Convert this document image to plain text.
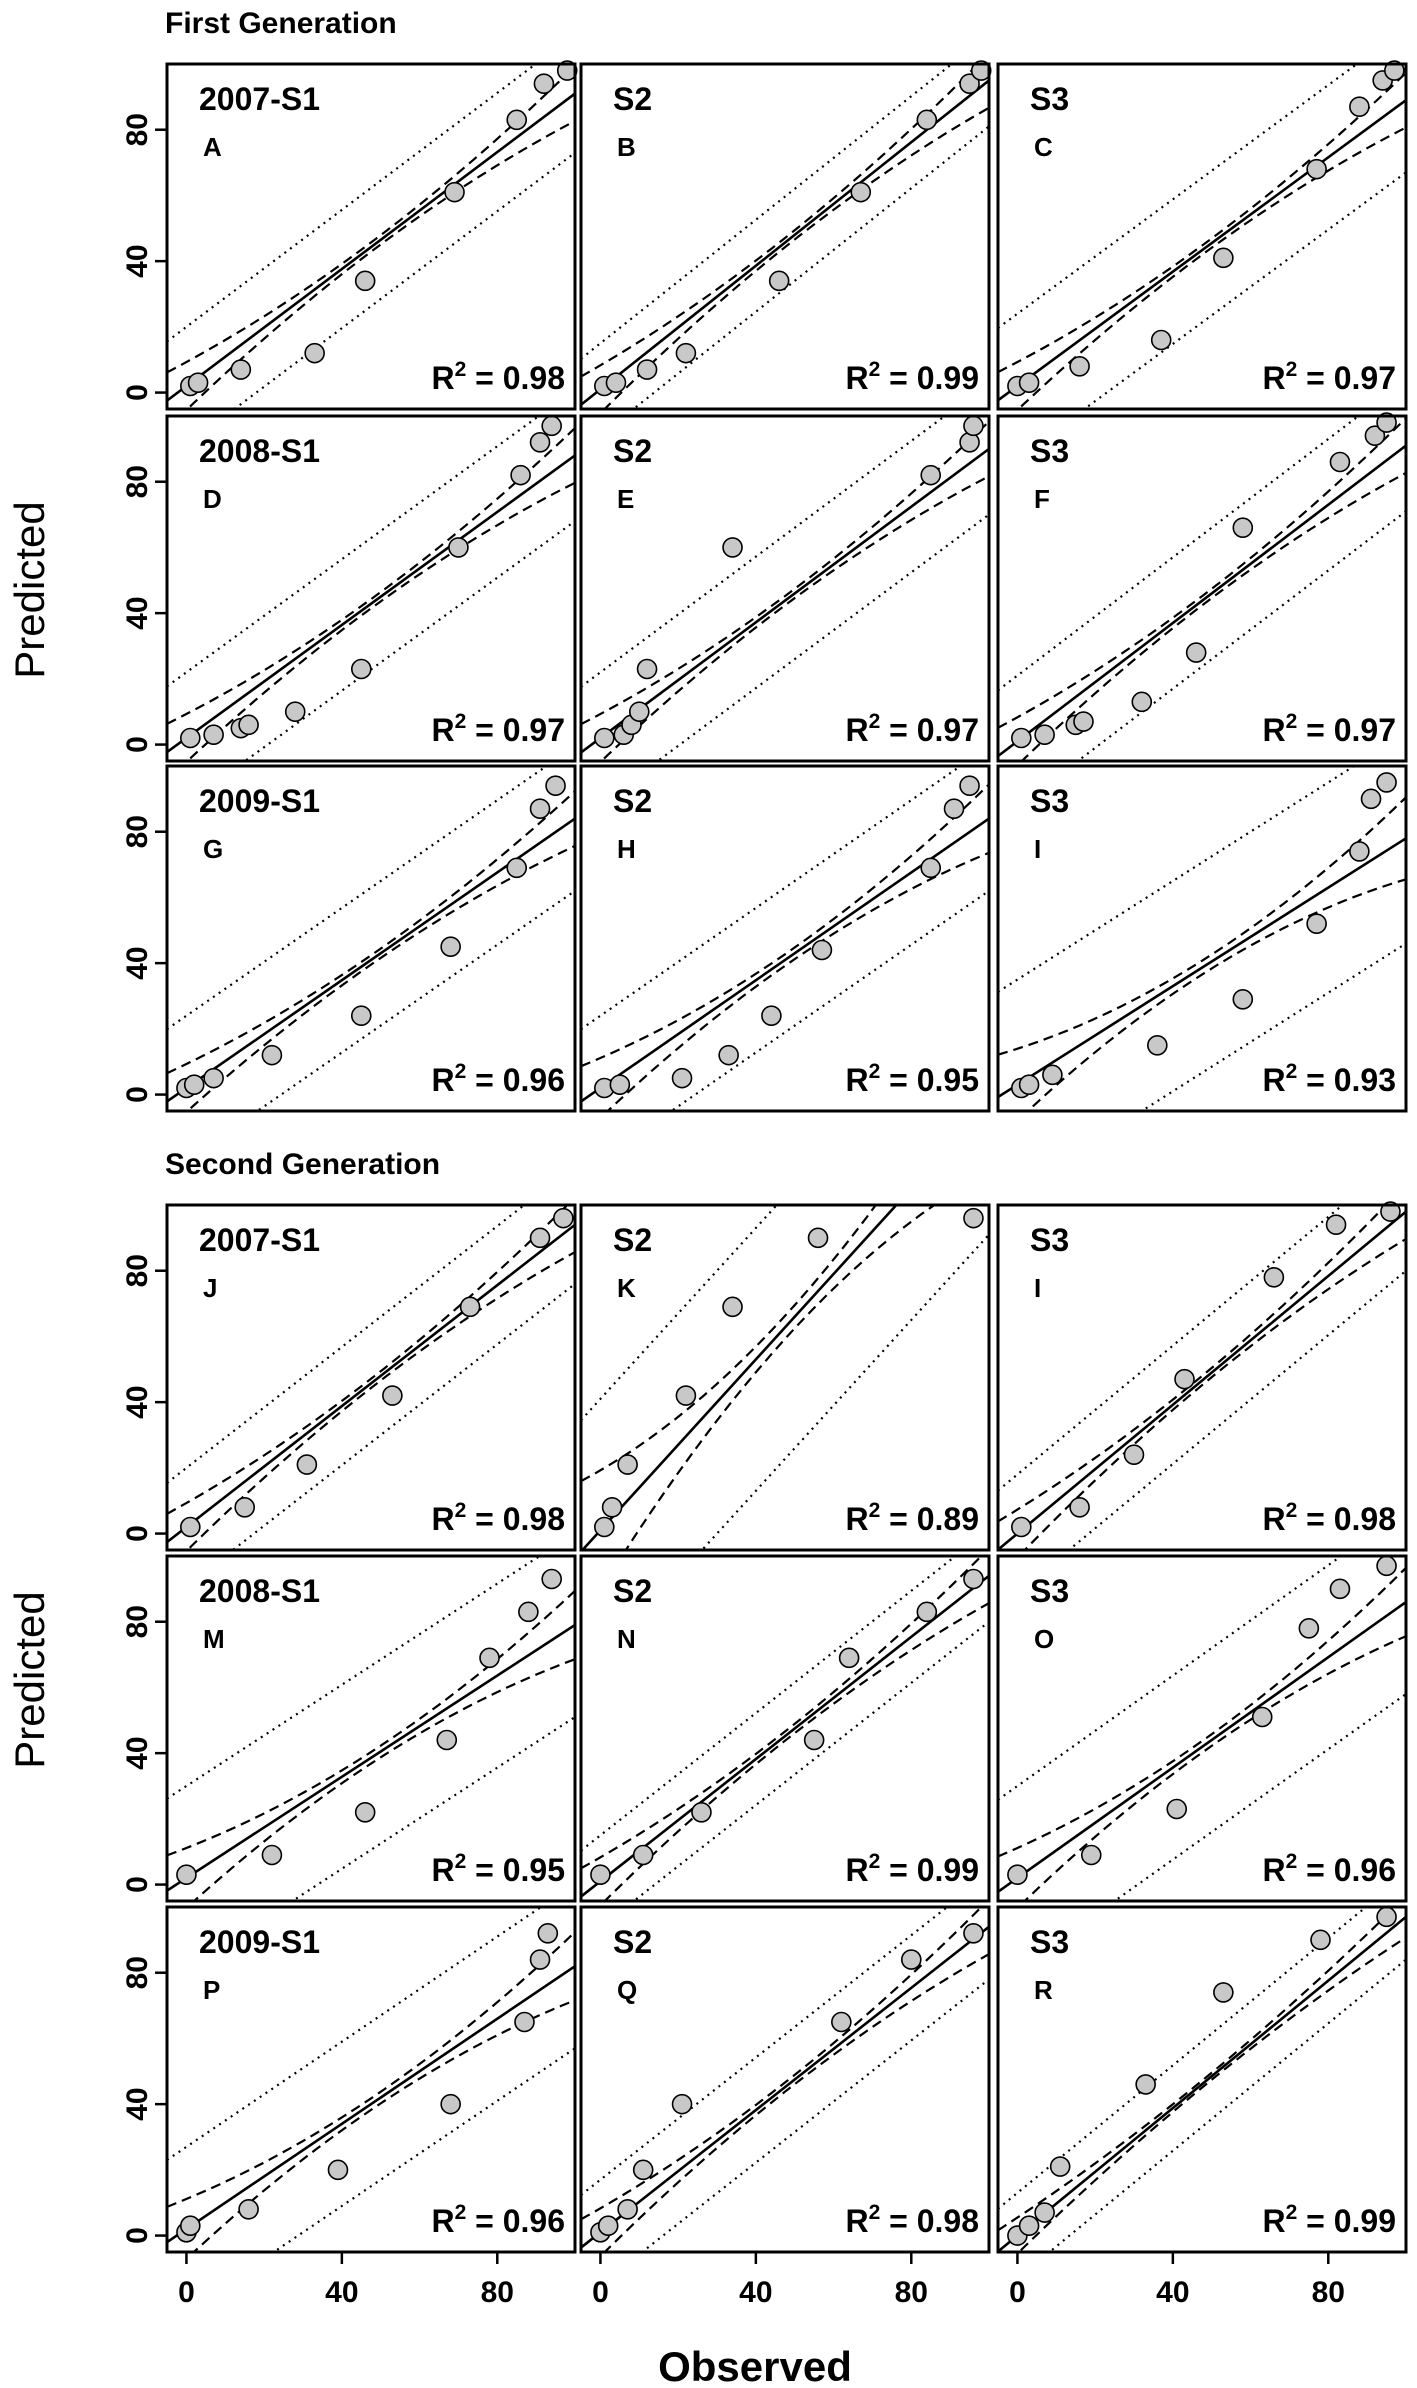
Predicted
Predicted
First Generation
Second Generation
Observed
2007-S1
A
$R^2 = 0.98$
0
40
80
S2
B
$R^2 = 0.99$
S3
C
$R^2 = 0.97$
2008-S1
D
$R^2 = 0.97$
0
40
80
S2
E
$R^2 = 0.97$
S3
F
$R^2 = 0.97$
2009-S1
G
$R^2 = 0.96$
0
40
80
S2
H
$R^2 = 0.95$
S3
I
$R^2 = 0.93$
2007-S1
J
$R^2 = 0.98$
0
40
80
S2
K
$R^2 = 0.89$
S3
I
$R^2 = 0.98$
2008-S1
M
$R^2 = 0.95$
0
40
80
S2
N
$R^2 = 0.99$
S3
O
$R^2 = 0.96$
2009-S1
P
$R^2 = 0.96$
0
40
80
S2
Q
$R^2 = 0.98$
S3
R
$R^2 = 0.99$
0	40	80	0	40	80	0	40	80
